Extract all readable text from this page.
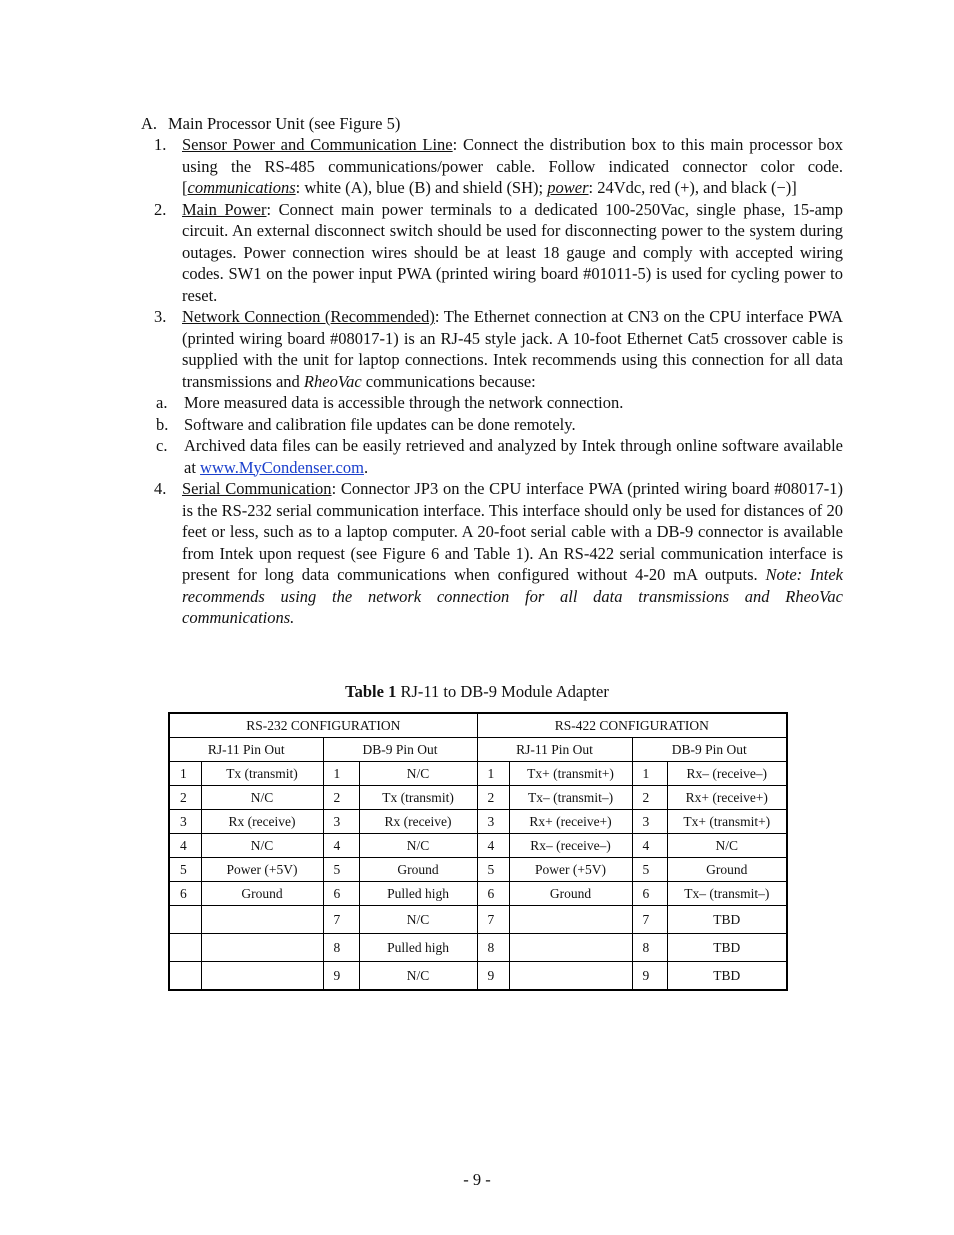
A. Main Processor Unit (see Figure 5)
1. Sensor Power and Communication Line: Connect the distribution box to this main processor box using the RS-485 communications/power cable. Follow indicated connector color code. [communications: white (A), blue (B) and shield (SH); power: 24Vdc, red (+), and black (−)]
2. Main Power: Connect main power terminals to a dedicated 100-250Vac, single phase, 15-amp circuit. An external disconnect switch should be used for disconnecting power to the system during outages. Power connection wires should be at least 18 gauge and comply with accepted wiring codes. SW1 on the power input PWA (printed wiring board #01011-5) is used for cycling power to reset.
3. Network Connection (Recommended): The Ethernet connection at CN3 on the CPU interface PWA (printed wiring board #08017-1) is an RJ-45 style jack. A 10-foot Ethernet Cat5 crossover cable is supplied with the unit for laptop connections. Intek recommends using this connection for all data transmissions and RheoVac communications because:
a. More measured data is accessible through the network connection.
b. Software and calibration file updates can be done remotely.
c. Archived data files can be easily retrieved and analyzed by Intek through online software available at www.MyCondenser.com.
4. Serial Communication: Connector JP3 on the CPU interface PWA (printed wiring board #08017-1) is the RS-232 serial communication interface. This interface should only be used for distances of 20 feet or less, such as to a laptop computer. A 20-foot serial cable with a DB-9 connector is available from Intek upon request (see Figure 6 and Table 1). An RS-422 serial communication interface is present for long data communications when configured without 4-20 mA outputs. Note: Intek recommends using the network connection for all data transmissions and RheoVac communications.
Table 1 RJ-11 to DB-9 Module Adapter
RS-232 CONFIGURATION				RS-422 CONFIGURATION			
RJ-11 Pin Out		DB-9 Pin Out		RJ-11 Pin Out		DB-9 Pin Out	
1	Tx (transmit)	1	N/C	1	Tx+ (transmit+)	1	Rx– (receive–)
2	N/C	2	Tx (transmit)	2	Tx– (transmit–)	2	Rx+ (receive+)
3	Rx (receive)	3	Rx (receive)	3	Rx+ (receive+)	3	Tx+ (transmit+)
4	N/C	4	N/C	4	Rx– (receive–)	4	N/C
5	Power (+5V)	5	Ground	5	Power (+5V)	5	Ground
6	Ground	6	Pulled high	6	Ground	6	Tx– (transmit–)
		7	N/C	7		7	TBD
		8	Pulled high	8		8	TBD
		9	N/C	9		9	TBD
- 9 -
